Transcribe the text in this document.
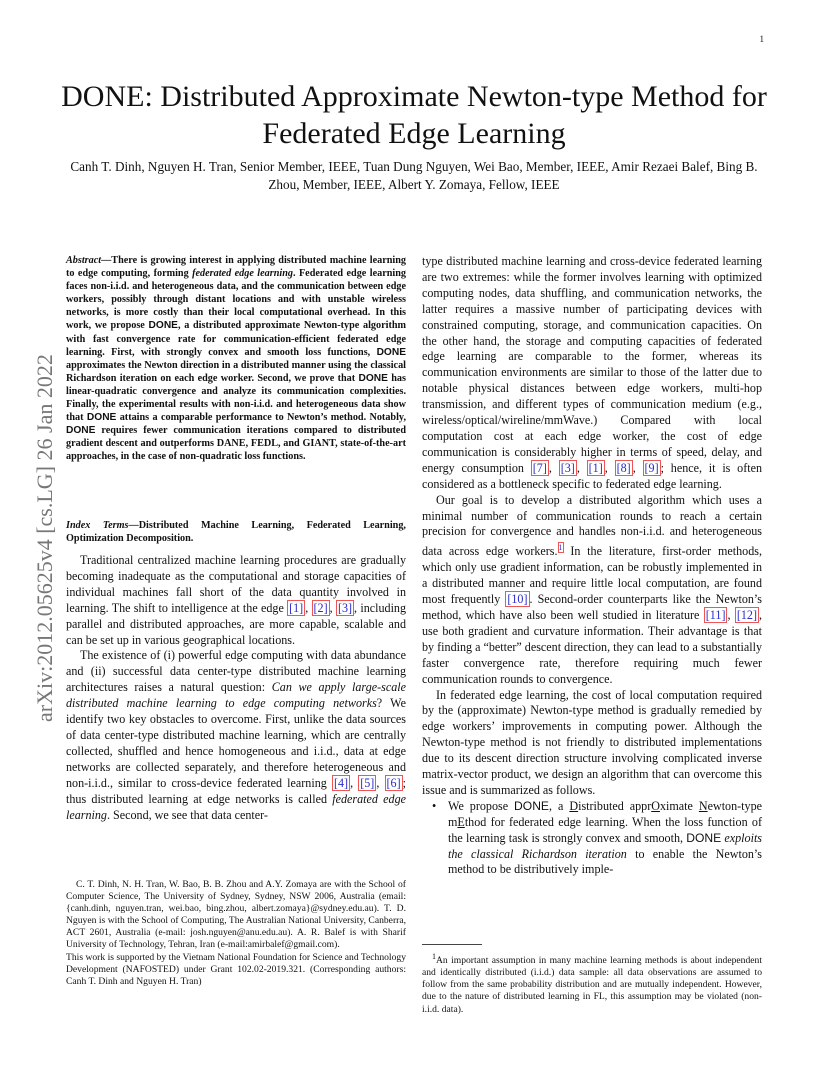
1
arXiv:2012.05625v4 [cs.LG] 26 Jan 2022
DONE: Distributed Approximate Newton-type Method for Federated Edge Learning
Canh T. Dinh, Nguyen H. Tran, Senior Member, IEEE, Tuan Dung Nguyen, Wei Bao, Member, IEEE, Amir Rezaei Balef, Bing B. Zhou, Member, IEEE, Albert Y. Zomaya, Fellow, IEEE
Abstract—There is growing interest in applying distributed machine learning to edge computing, forming federated edge learning. Federated edge learning faces non-i.i.d. and heterogeneous data, and the communication between edge workers, possibly through distant locations and with unstable wireless networks, is more costly than their local computational overhead. In this work, we propose DONE, a distributed approximate Newton-type algorithm with fast convergence rate for communication-efficient federated edge learning. First, with strongly convex and smooth loss functions, DONE approximates the Newton direction in a distributed manner using the classical Richardson iteration on each edge worker. Second, we prove that DONE has linear-quadratic convergence and analyze its communication complexities. Finally, the experimental results with non-i.i.d. and heterogeneous data show that DONE attains a comparable performance to Newton’s method. Notably, DONE requires fewer communication iterations compared to distributed gradient descent and outperforms DANE, FEDL, and GIANT, state-of-the-art approaches, in the case of non-quadratic loss functions.
Index Terms—Distributed Machine Learning, Federated Learning, Optimization Decomposition.

Traditional centralized machine learning procedures are gradually becoming inadequate as the computational and storage capacities of individual machines fall short of the data quantity involved in learning. The shift to intelligence at the edge [1] , [2] , [3] , including parallel and distributed approaches, are more capable, scalable and can be set up in various geographical locations.

The existence of (i) powerful edge computing with data abundance and (ii) successful data center-type distributed machine learning architectures raises a natural question: Can we apply large-scale distributed machine learning to edge computing networks? We identify two key obstacles to overcome. First, unlike the data sources of data center-type distributed machine learning, which are centrally collected, shuffled and hence homogeneous and i.i.d., data at edge networks are collected separately, and therefore heterogeneous and non-i.i.d., similar to cross-device federated learning [4] , [5] , [6] ; thus distributed learning at edge networks is called federated edge learning. Second, we see that data center-

type distributed machine learning and cross-device federated learning are two extremes: while the former involves learning with optimized computing nodes, data shuffling, and communication networks, the latter requires a massive number of participating devices with constrained computing, storage, and communication capacities. On the other hand, the storage and computing capacities of federated edge learning are comparable to the former, whereas its communication environments are similar to those of the latter due to notable physical distances between edge workers, multi-hop transmission, and different types of communication medium (e.g., wireless/optical/wireline/mmWave.) Compared with local computation cost at each edge worker, the cost of edge communication is considerably higher in terms of speed, delay, and energy consumption [7] , [3] , [1] , [8] , [9] ; hence, it is often considered as a bottleneck specific to federated edge learning.

Our goal is to develop a distributed algorithm which uses a minimal number of communication rounds to reach a certain precision for convergence and handles non-i.i.d. and heterogeneous data across edge workers.$^1$ In the literature, first-order methods, which only use gradient information, can be robustly implemented in a distributed manner and require little local computation, are found most frequently [10] . Second-order counterparts like the Newton’s method, which have also been well studied in literature [11] , [12] , use both gradient and curvature information. Their advantage is that by finding a “better” descent direction, they can lead to a substantially faster convergence rate, therefore requiring much fewer communication rounds to convergence.

In federated edge learning, the cost of local computation required by the (approximate) Newton-type method is gradually remedied by edge workers’ improvements in computing power. Although the Newton-type method is not friendly to distributed implementations due to its descent direction structure involving complicated inverse matrix-vector product, we design an algorithm that can overcome this issue and is summarized as follows.

• We propose DONE, a Distributed apprOximate Newton-type mEthod for federated edge learning. When the loss function of the learning task is strongly convex and smooth, DONE exploits the classical Richardson iteration to enable the Newton’s method to be distributively imple-

C. T. Dinh, N. H. Tran, W. Bao, B. B. Zhou and A.Y. Zomaya are with the School of Computer Science, The University of Sydney, Sydney, NSW 2006, Australia (email: {canh.dinh, nguyen.tran, wei.bao, bing.zhou, albert.zomaya}@sydney.edu.au). T. D. Nguyen is with the School of Computing, The Australian National University, Canberra, ACT 2601, Australia (e-mail: josh.nguyen@anu.edu.au). A. R. Balef is with Sharif University of Technology, Tehran, Iran (e-mail:amirbalef@gmail.com).

This work is supported by the Vietnam National Foundation for Science and Technology Development (NAFOSTED) under Grant 102.02-2019.321. (Corresponding authors: Canh T. Dinh and Nguyen H. Tran)

$^1$An important assumption in many machine learning methods is about independent and identically distributed (i.i.d.) data sample: all data observations are assumed to follow from the same probability distribution and are mutually independent. However, due to the nature of distributed learning in FL, this assumption may be violated (non-i.i.d. data).
